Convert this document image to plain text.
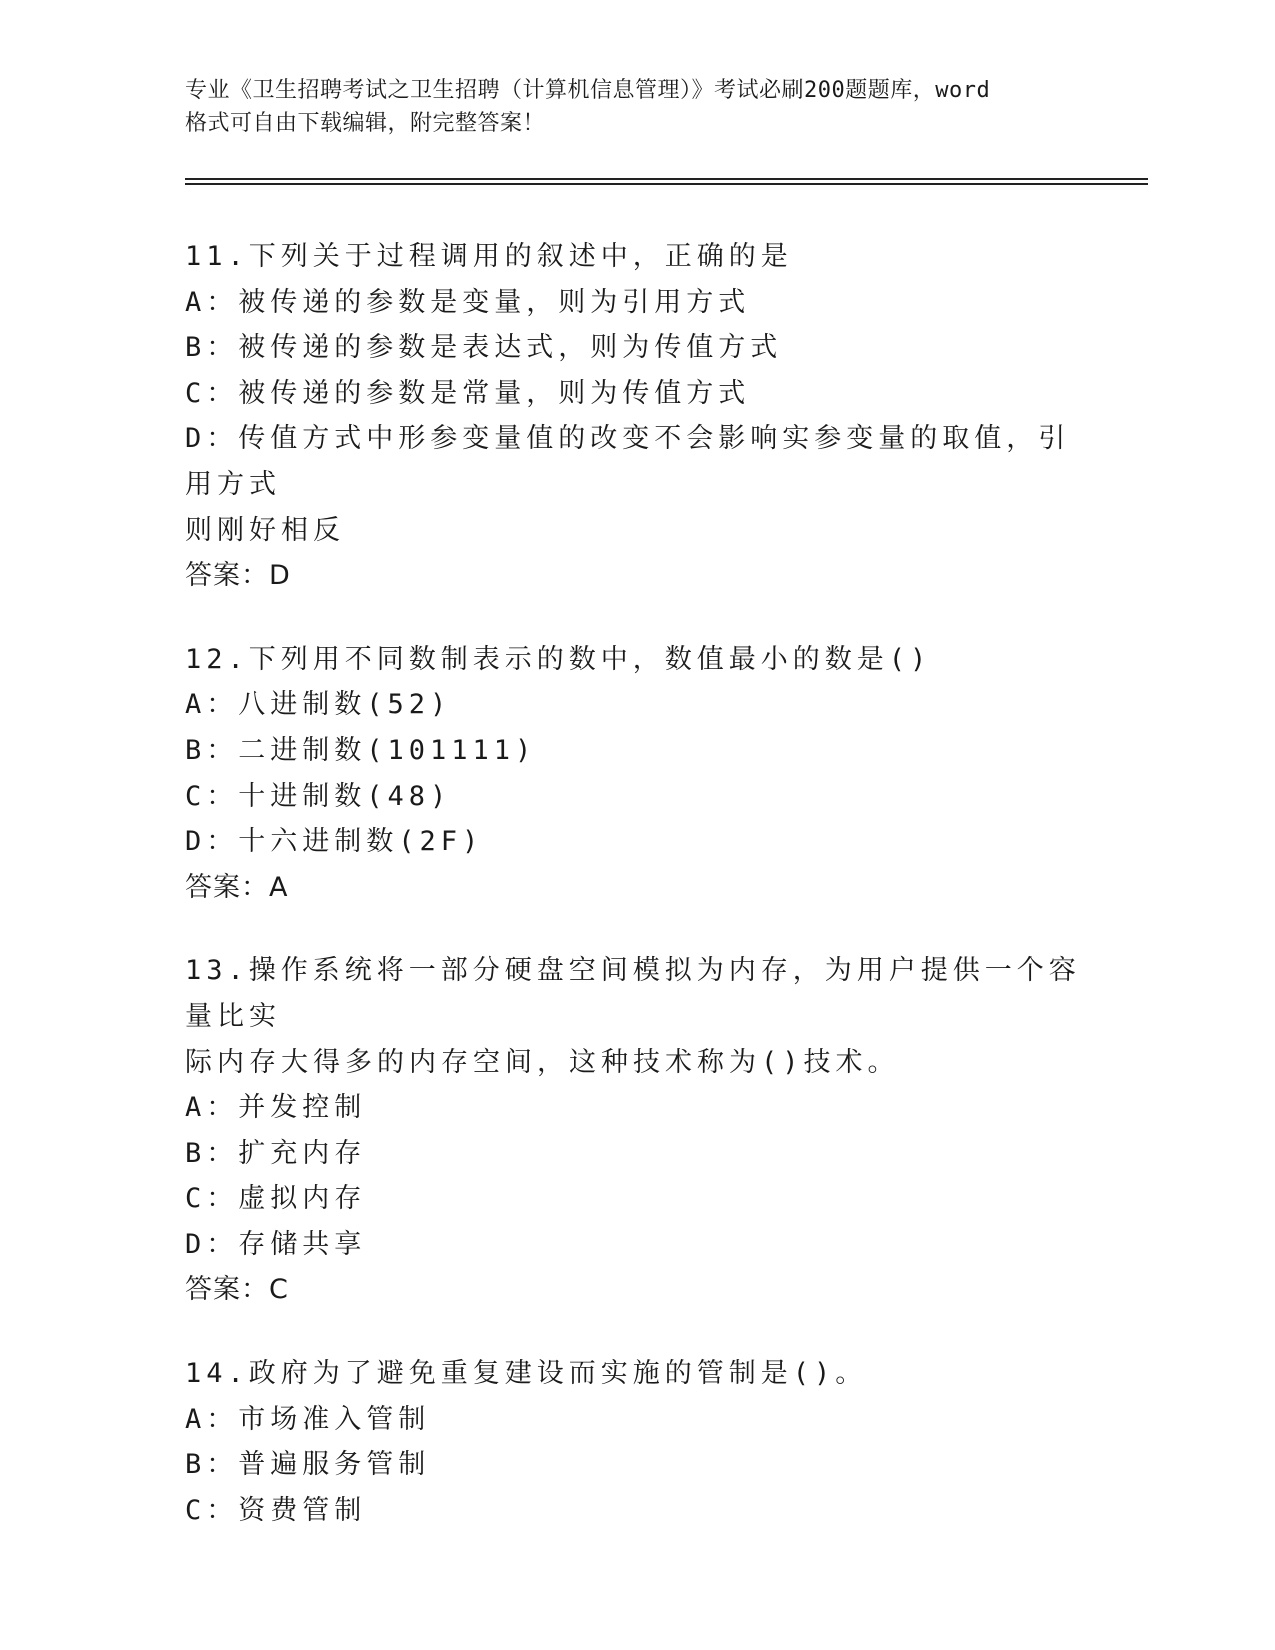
专业《卫生招聘考试之卫生招聘（计算机信息管理）》考试必刷200题题库，word
格式可自由下载编辑，附完整答案！
11.下列关于过程调用的叙述中，正确的是
A：被传递的参数是变量，则为引用方式
B：被传递的参数是表达式，则为传值方式
C：被传递的参数是常量，则为传值方式
D：传值方式中形参变量值的改变不会影响实参变量的取值，引用方式
则刚好相反
答案：D
12.下列用不同数制表示的数中，数值最小的数是()
A：八进制数(52)
B：二进制数(101111)
C：十进制数(48)
D：十六进制数(2F)
答案：A
13.操作系统将一部分硬盘空间模拟为内存，为用户提供一个容量比实
际内存大得多的内存空间，这种技术称为()技术。
A：并发控制
B：扩充内存
C：虚拟内存
D：存储共享
答案：C
14.政府为了避免重复建设而实施的管制是()。
A：市场准入管制
B：普遍服务管制
C：资费管制
